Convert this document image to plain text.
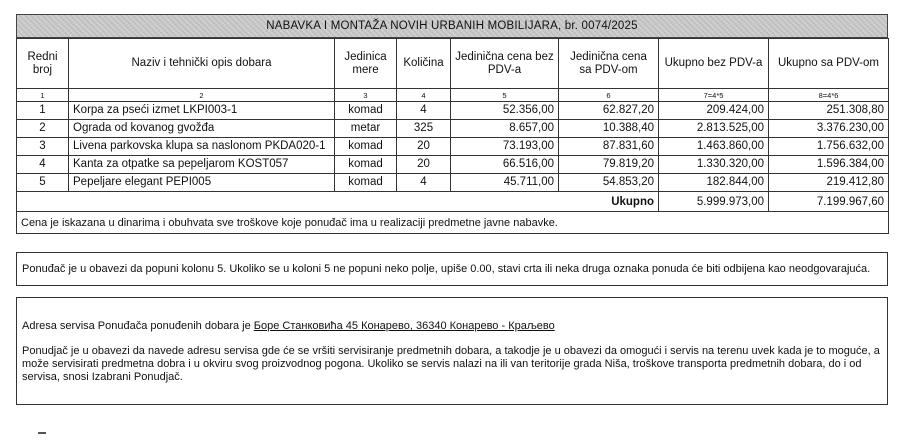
NABAVKA I MONTAŽA NOVIH URBANIH MOBILIJARA, br. 0074/2025
Redni broj	Naziv i tehnički opis dobara	Jedinica mere	Količina	Jedinična cena bez PDV-a	Jedinična cena sa PDV-om	Ukupno bez PDV-a	Ukupno sa PDV-om
1	2	3	4	5	6	7=4*5	8=4*6
1	Korpa za pseći izmet LKPI003-1	komad	4	52.356,00	62.827,20	209.424,00	251.308,80
2	Ograda od kovanog gvožđa	metar	325	8.657,00	10.388,40	2.813.525,00	3.376.230,00
3	Livena parkovska klupa sa naslonom PKDA020-1	komad	20	73.193,00	87.831,60	1.463.860,00	1.756.632,00
4	Kanta za otpatke sa pepeljarom KOST057	komad	20	66.516,00	79.819,20	1.330.320,00	1.596.384,00
5	Pepeljare elegant PEPI005	komad	4	45.711,00	54.853,20	182.844,00	219.412,80
Ukupno						5.999.973,00	7.199.967,60
Cena je iskazana u dinarima i obuhvata sve troškove koje ponuđač ima u realizaciji predmetne javne nabavke.							
Ponuđač je u obavezi da popuni kolonu 5. Ukoliko se u koloni 5 ne popuni neko polje, upiše 0.00, stavi crta ili neka druga oznaka ponuda će biti odbijena kao neodgovarajuća.
Adresa servisa Ponuđača ponuđenih dobara je Боре Станковића 45 Конарево, 36340 Конарево - Краљево
Ponudjač je u obavezi da navede adresu servisa gde će se vršiti servisiranje predmetnih dobara, a takodje je u obavezi da omogući i servis na terenu uvek kada je to moguće, a može servisirati predmetna dobra i u okviru svog proizvodnog pogona. Ukoliko se servis nalazi na ili van teritorije grada Niša, troškove transporta predmetnih dobara, do i od servisa, snosi Izabrani Ponudjač.
